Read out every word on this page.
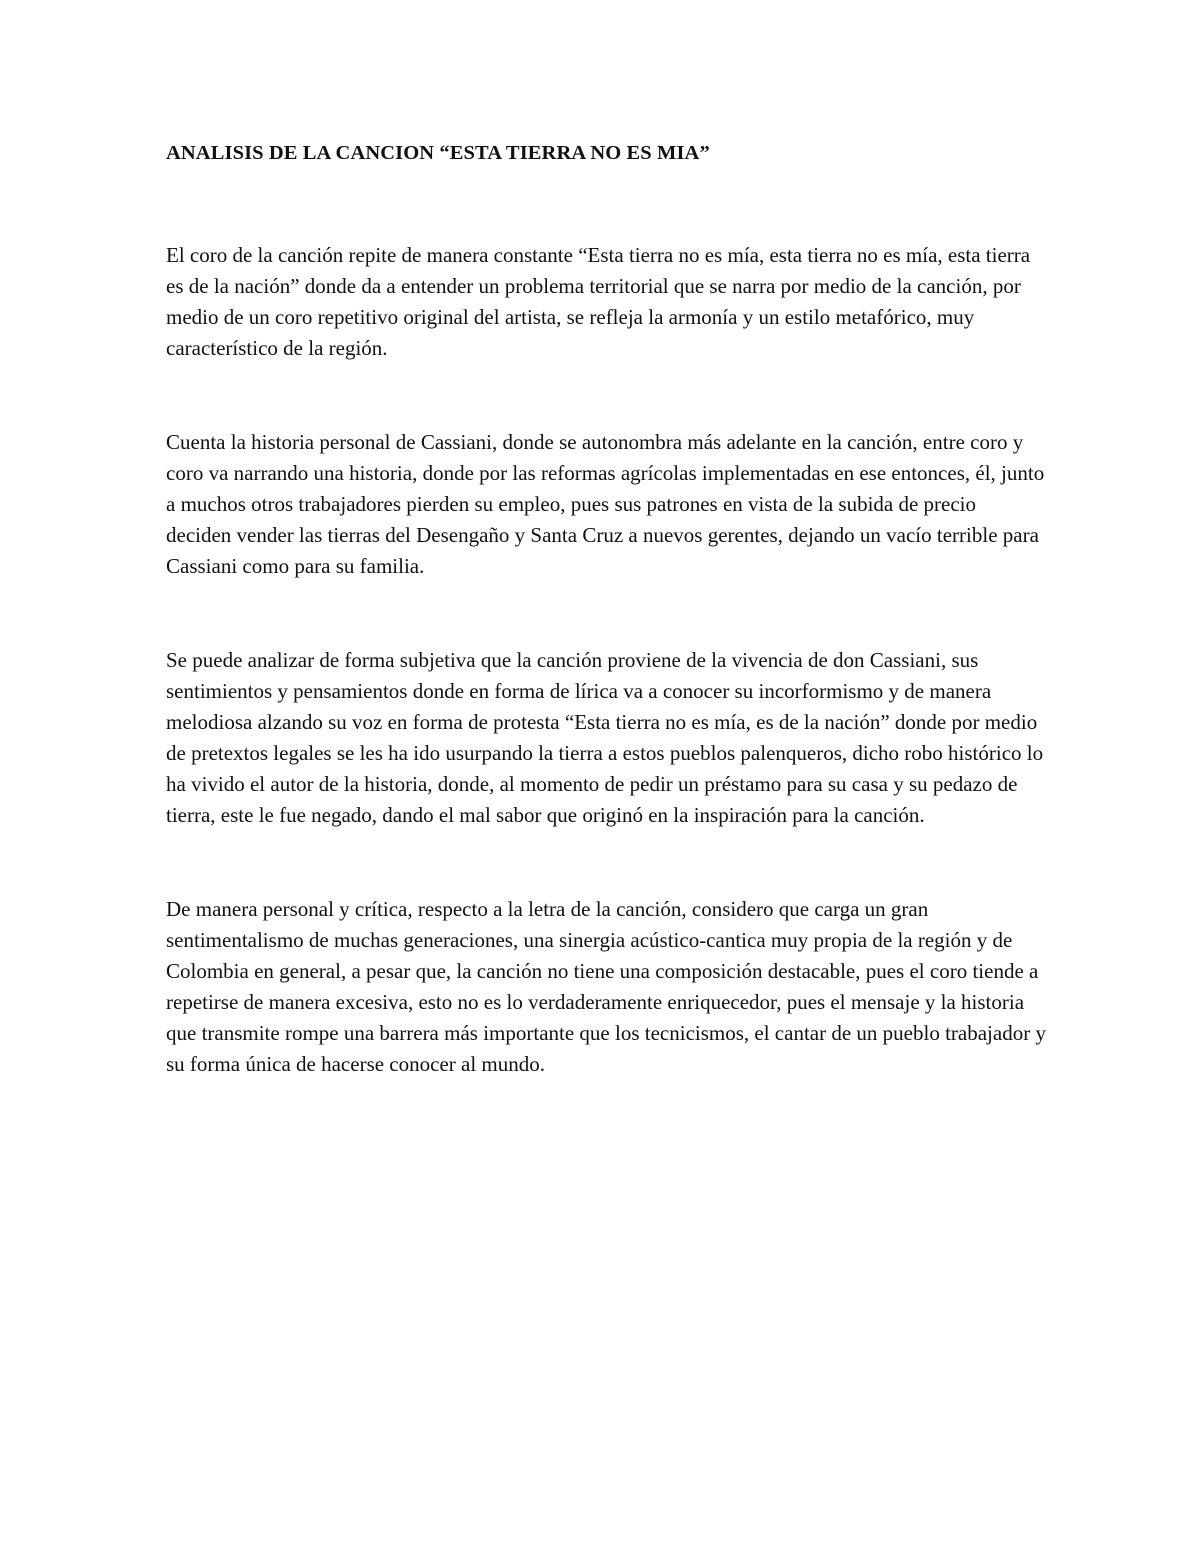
ANALISIS DE LA CANCION “ESTA TIERRA NO ES MIA”

El coro de la canción repite de manera constante “Esta tierra no es mía, esta tierra no es mía, esta tierra es de la nación” donde da a entender un problema territorial que se narra por medio de la canción, por medio de un coro repetitivo original del artista, se refleja la armonía y un estilo metafórico, muy característico de la región.

Cuenta la historia personal de Cassiani, donde se autonombra más adelante en la canción, entre coro y coro va narrando una historia, donde por las reformas agrícolas implementadas en ese entonces, él, junto a muchos otros trabajadores pierden su empleo, pues sus patrones en vista de la subida de precio deciden vender las tierras del Desengaño y Santa Cruz a nuevos gerentes, dejando un vacío terrible para Cassiani como para su familia.

Se puede analizar de forma subjetiva que la canción proviene de la vivencia de don Cassiani, sus sentimientos y pensamientos donde en forma de lírica va a conocer su incorformismo y de manera melodiosa alzando su voz en forma de protesta “Esta tierra no es mía, es de la nación” donde por medio de pretextos legales se les ha ido usurpando la tierra a estos pueblos palenqueros, dicho robo histórico lo ha vivido el autor de la historia, donde, al momento de pedir un préstamo para su casa y su pedazo de tierra, este le fue negado, dando el mal sabor que originó en la inspiración para la canción.

De manera personal y crítica, respecto a la letra de la canción, considero que carga un gran sentimentalismo de muchas generaciones, una sinergia acústico-cantica muy propia de la región y de Colombia en general, a pesar que, la canción no tiene una composición destacable, pues el coro tiende a repetirse de manera excesiva, esto no es lo verdaderamente enriquecedor, pues el mensaje y la historia que transmite rompe una barrera más importante que los tecnicismos, el cantar de un pueblo trabajador y su forma única de hacerse conocer al mundo.
